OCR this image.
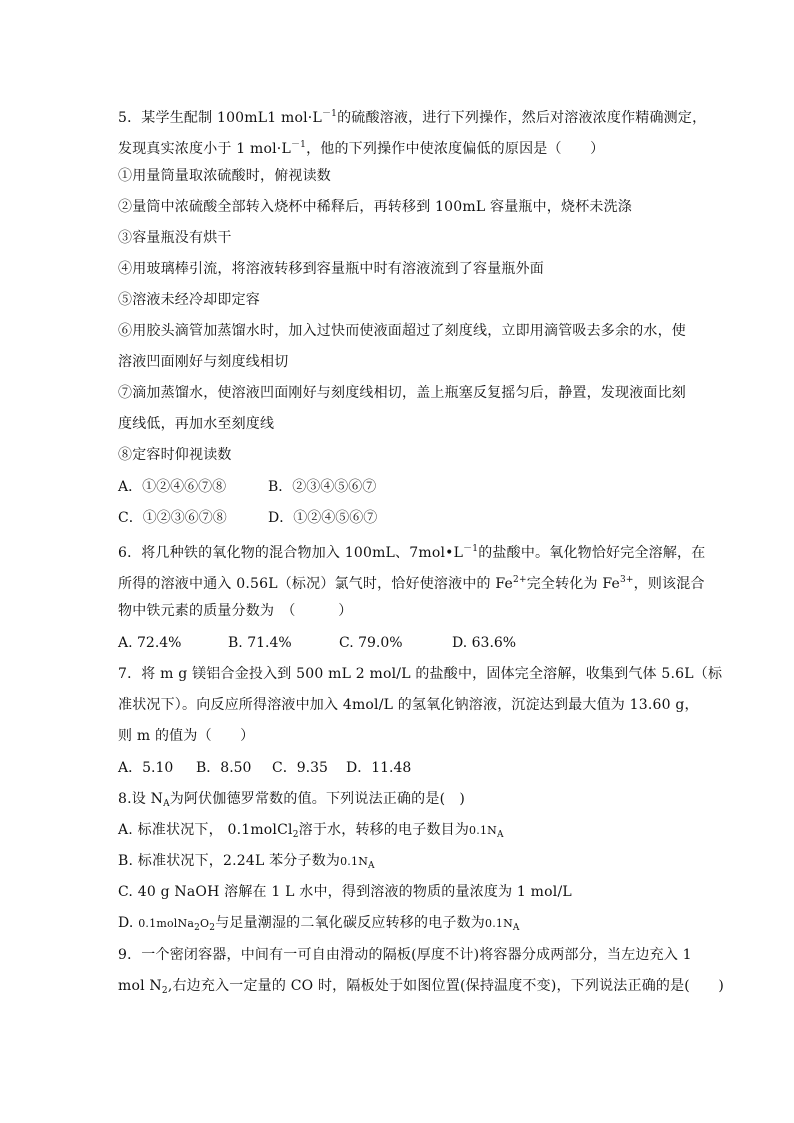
5．某学生配制 100mL1 $mol\cdot L^{-1}$的硫酸溶液，进行下列操作，然后对溶液浓度作精确测定，
发现真实浓度小于 1 $mol\cdot L^{-1}$，他的下列操作中使浓度偏低的原因是（　　）
①用量筒量取浓硫酸时，俯视读数
②量筒中浓硫酸全部转入烧杯中稀释后，再转移到 100mL 容量瓶中，烧杯未洗涤
③容量瓶没有烘干
④用玻璃棒引流，将溶液转移到容量瓶中时有溶液流到了容量瓶外面
⑤溶液未经冷却即定容
⑥用胶头滴管加蒸馏水时，加入过快而使液面超过了刻度线，立即用滴管吸去多余的水，使
溶液凹面刚好与刻度线相切
⑦滴加蒸馏水，使溶液凹面刚好与刻度线相切，盖上瓶塞反复摇匀后，静置，发现液面比刻
度线低，再加水至刻度线
⑧定容时仰视读数
A．①②④⑥⑦⑧	B．②③④⑤⑥⑦
C．①②③⑥⑦⑧	D．①②④⑤⑥⑦
6．将几种铁的氧化物的混合物加入 100mL、$7mol•L^{-1}$的盐酸中。氧化物恰好完全溶解，在
所得的溶液中通入 0.56L（标况）氯气时，恰好使溶液中的 $Fe^{2+}$完全转化为 $Fe^{3+}$，则该混合
物中铁元素的质量分数为　（　　　）
A. 72.4%	B. 71.4%	C. 79.0%	D. 63.6%
7．将 m g 镁铝合金投入到 500 mL 2 mol/L 的盐酸中，固体完全溶解，收集到气体 5.6L（标
准状况下）。向反应所得溶液中加入 4mol/L 的氢氧化钠溶液，沉淀达到最大值为 13.60 g，
则 m 的值为（　　）
A．5.10 B．8.50 C．9.35 D．11.48
8.设 $N_A$为阿伏伽德罗常数的值。下列说法正确的是(　)
A. 标准状况下， 0.1molCl$_2$溶于水，转移的电子数目为$0.1N_A$
B. 标准状况下，2.24L 苯分子数为$0.1N_A$
C. 40 g NaOH 溶解在 1 L 水中，得到溶液的物质的量浓度为 1 mol/L
D. $0.1molNa_2O_2$与足量潮湿的二氧化碳反应转移的电子数为$0.1N_A$
9．一个密闭容器，中间有一可自由滑动的隔板(厚度不计)将容器分成两部分，当左边充入 1
mol $N_2$,右边充入一定量的 CO 时，隔板处于如图位置(保持温度不变)，下列说法正确的是(　　)
